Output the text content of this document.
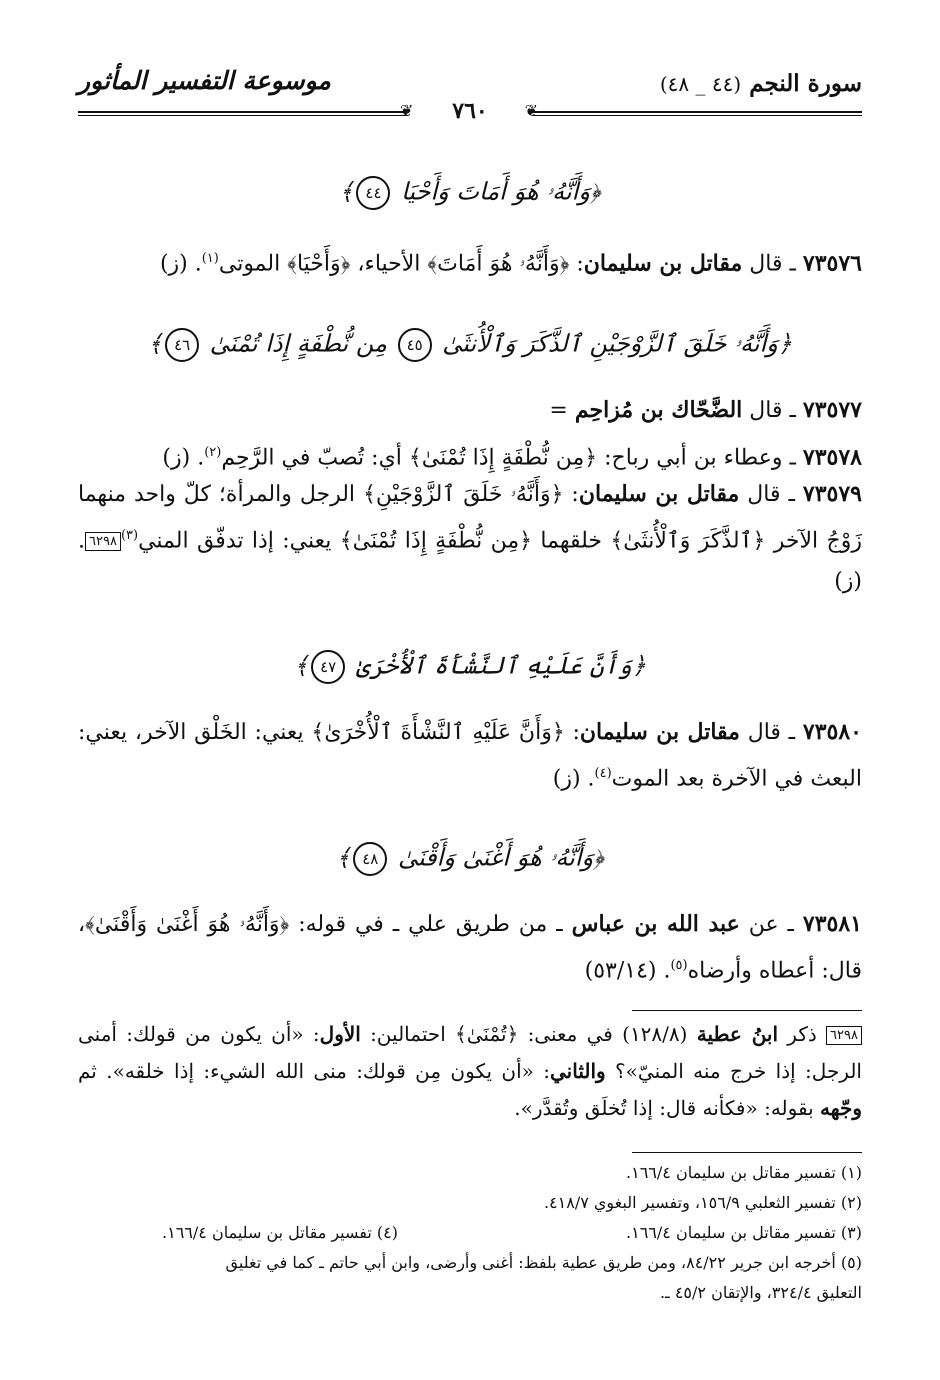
سورة النجم (٤٤ _ ٤٨)
موسوعة التفسير المأثور
❦
❦	٧٦٠
﴿وَأَنَّهُۥ هُوَ أَمَاتَ وَأَحْيَا ٤٤﴾
٧٣٥٧٦ ـ قال مقاتل بن سليمان: ﴿وَأَنَّهُۥ هُوَ أَمَاتَ﴾ الأحياء، ﴿وَأَحْيَا﴾ الموتى$^{(١)}$. (ز)
﴿وَأَنَّهُۥ خَلَقَ ٱلزَّوْجَيْنِ ٱلذَّكَرَ وَٱلْأُنثَىٰ ٤٥ مِن نُّطْفَةٍ إِذَا تُمْنَىٰ ٤٦﴾
٧٣٥٧٧ ـ قال الضَّحّاك بن مُزاحِم =
٧٣٥٧٨ ـ وعطاء بن أبي رباح: ﴿مِن نُّطْفَةٍ إِذَا تُمْنَىٰ﴾ أي: تُصبّ في الرَّحِم$^{(٢)}$. (ز)
٧٣٥٧٩ ـ قال مقاتل بن سليمان: ﴿وَأَنَّهُۥ خَلَقَ ٱلزَّوْجَيْنِ﴾ الرجل والمرأة؛ كلّ واحد منهما زَوْجُ الآخر ﴿ٱلذَّكَرَ وَٱلْأُنثَىٰ﴾ خلقهما ﴿مِن نُّطْفَةٍ إِذَا تُمْنَىٰ﴾ يعني: إذا تدفّق المني$^{(٣)}$٦٢٩٨. (ز)
﴿وَأَنَّ عَلَيْهِ ٱلنَّشْأَةَ ٱلْأُخْرَىٰ ٤٧﴾
٧٣٥٨٠ ـ قال مقاتل بن سليمان: ﴿وَأَنَّ عَلَيْهِ ٱلنَّشْأَةَ ٱلْأُخْرَىٰ﴾ يعني: الخَلْق الآخر، يعني: البعث في الآخرة بعد الموت$^{(٤)}$. (ز)
﴿وَأَنَّهُۥ هُوَ أَغْنَىٰ وَأَقْنَىٰ ٤٨﴾
٧٣٥٨١ ـ عن عبد الله بن عباس ـ من طريق علي ـ في قوله: ﴿وَأَنَّهُۥ هُوَ أَغْنَىٰ وَأَقْنَىٰ﴾، قال: أعطاه وأرضاه$^{(٥)}$. (٥٣/١٤)
٦٢٩٨ ذكر ابنُ عطية (١٢٨/٨) في معنى: ﴿تُمْنَىٰ﴾ احتمالين: الأول: «أن يكون من قولك: أمنى الرجل: إذا خرج منه المنيّ»؟ والثاني: «أن يكون مِن قولك: منى الله الشيء: إذا خلقه». ثم وجّهه بقوله: «فكأنه قال: إذا تُخلَق وتُقدَّر».
(١) تفسير مقاتل بن سليمان ١٦٦/٤.
(٢) تفسير الثعلبي ١٥٦/٩، وتفسير البغوي ٤١٨/٧.
(٣) تفسير مقاتل بن سليمان ١٦٦/٤.
(٤) تفسير مقاتل بن سليمان ١٦٦/٤.
(٥) أخرجه ابن جرير ٨٤/٢٢، ومن طريق عطية بلفظ: أغنى وأرضى، وابن أبي حاتم ـ كما في تغليق
التعليق ٣٢٤/٤، والإتقان ٤٥/٢ ـ.
